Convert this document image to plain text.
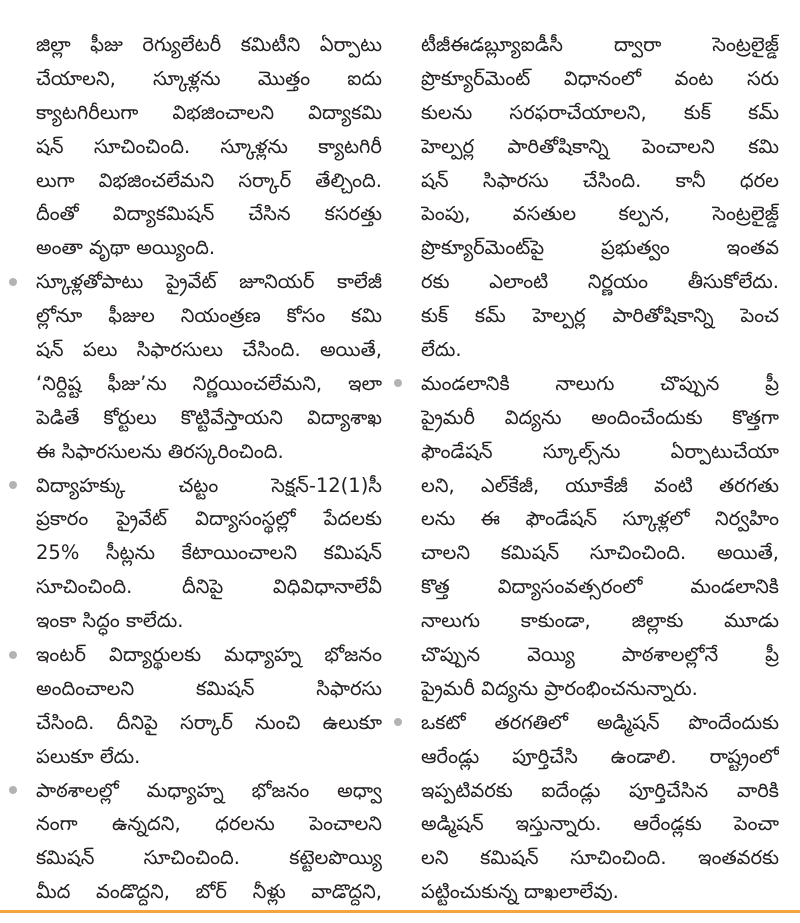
జిల్లా ఫీజు రెగ్యులేటరీ కమిటీని ఏర్పాటు
చేయాలని, స్కూళ్లను మొత్తం ఐదు
క్యాటగిరీలుగా విభజించాలని విద్యాకమి
షన్ సూచించింది. స్కూళ్లను క్యాటగిరీ
లుగా విభజించలేమని సర్కార్ తేల్చింది.
దీంతో విద్యాకమిషన్ చేసిన కసరత్తు
అంతా వృథా అయ్యింది.
స్కూళ్లతోపాటు ప్రైవేట్ జూనియర్ కాలేజీ
ల్లోనూ ఫీజుల నియంత్రణ కోసం కమి
షన్ పలు సిఫారసులు చేసింది. అయితే,
‘నిర్దిష్ట ఫీజు’ను నిర్ణయించలేమని, ఇలా
పెడితే కోర్టులు కొట్టివేస్తాయని విద్యాశాఖ
ఈ సిఫారసులను తిరస్కరించింది.
విద్యాహక్కు చట్టం సెక్షన్-12(1)సీ
ప్రకారం ప్రైవేట్ విద్యాసంస్థల్లో పేదలకు
25% సీట్లను కేటాయించాలని కమిషన్
సూచించింది. దీనిపై విధివిధానాలేవీ
ఇంకా సిద్ధం కాలేదు.
ఇంటర్ విద్యార్థులకు మధ్యాహ్న భోజనం
అందించాలని కమిషన్ సిఫారసు
చేసింది. దీనిపై సర్కార్ నుంచి ఉలుకూ
పలుకూ లేదు.
పాఠశాలల్లో మధ్యాహ్న భోజనం అధ్వా
నంగా ఉన్నదని, ధరలను పెంచాలని
కమిషన్ సూచించింది. కట్టెలపొయ్యి
మీద వండొద్దని, బోర్ నీళ్లు వాడొద్దని,
టీజీఈడబ్ల్యూఐడీసీ ద్వారా సెంట్రలైజ్డ్
ప్రొక్యూర్‌మెంట్ విధానంలో వంట సరు
కులను సరఫరాచేయాలని, కుక్ కమ్
హెల్పర్ల పారితోషికాన్ని పెంచాలని కమి
షన్ సిఫారసు చేసింది. కానీ ధరల
పెంపు, వసతుల కల్పన, సెంట్రలైజ్డ్
ప్రొక్యూర్‌మెంట్‌పై ప్రభుత్వం ఇంతవ
రకు ఎలాంటి నిర్ణయం తీసుకోలేదు.
కుక్ కమ్ హెల్పర్ల పారితోషికాన్ని పెంచ
లేదు.
మండలానికి నాలుగు చొప్పున ప్రీ
ప్రైమరీ విద్యను అందించేందుకు కొత్తగా
ఫౌండేషన్ స్కూల్స్‌ను ఏర్పాటుచేయా
లని, ఎల్‌కేజీ, యూకేజీ వంటి తరగతు
లను ఈ ఫౌండేషన్ స్కూళ్లలో నిర్వహిం
చాలని కమిషన్ సూచించింది. అయితే,
కొత్త విద్యాసంవత్సరంలో మండలానికి
నాలుగు కాకుండా, జిల్లాకు మూడు
చొప్పున వెయ్యి పాఠశాలల్లోనే ప్రీ
ప్రైమరీ విద్యను ప్రారంభించనున్నారు.
ఒకటో తరగతిలో అడ్మిషన్ పొందేందుకు
ఆరేండ్లు పూర్తిచేసి ఉండాలి. రాష్ట్రంలో
ఇప్పటివరకు ఐదేండ్లు పూర్తిచేసిన వారికి
అడ్మిషన్ ఇస్తున్నారు. ఆరేండ్లకు పెంచా
లని కమిషన్ సూచించింది. ఇంతవరకు
పట్టించుకున్న దాఖలాలేవు.
